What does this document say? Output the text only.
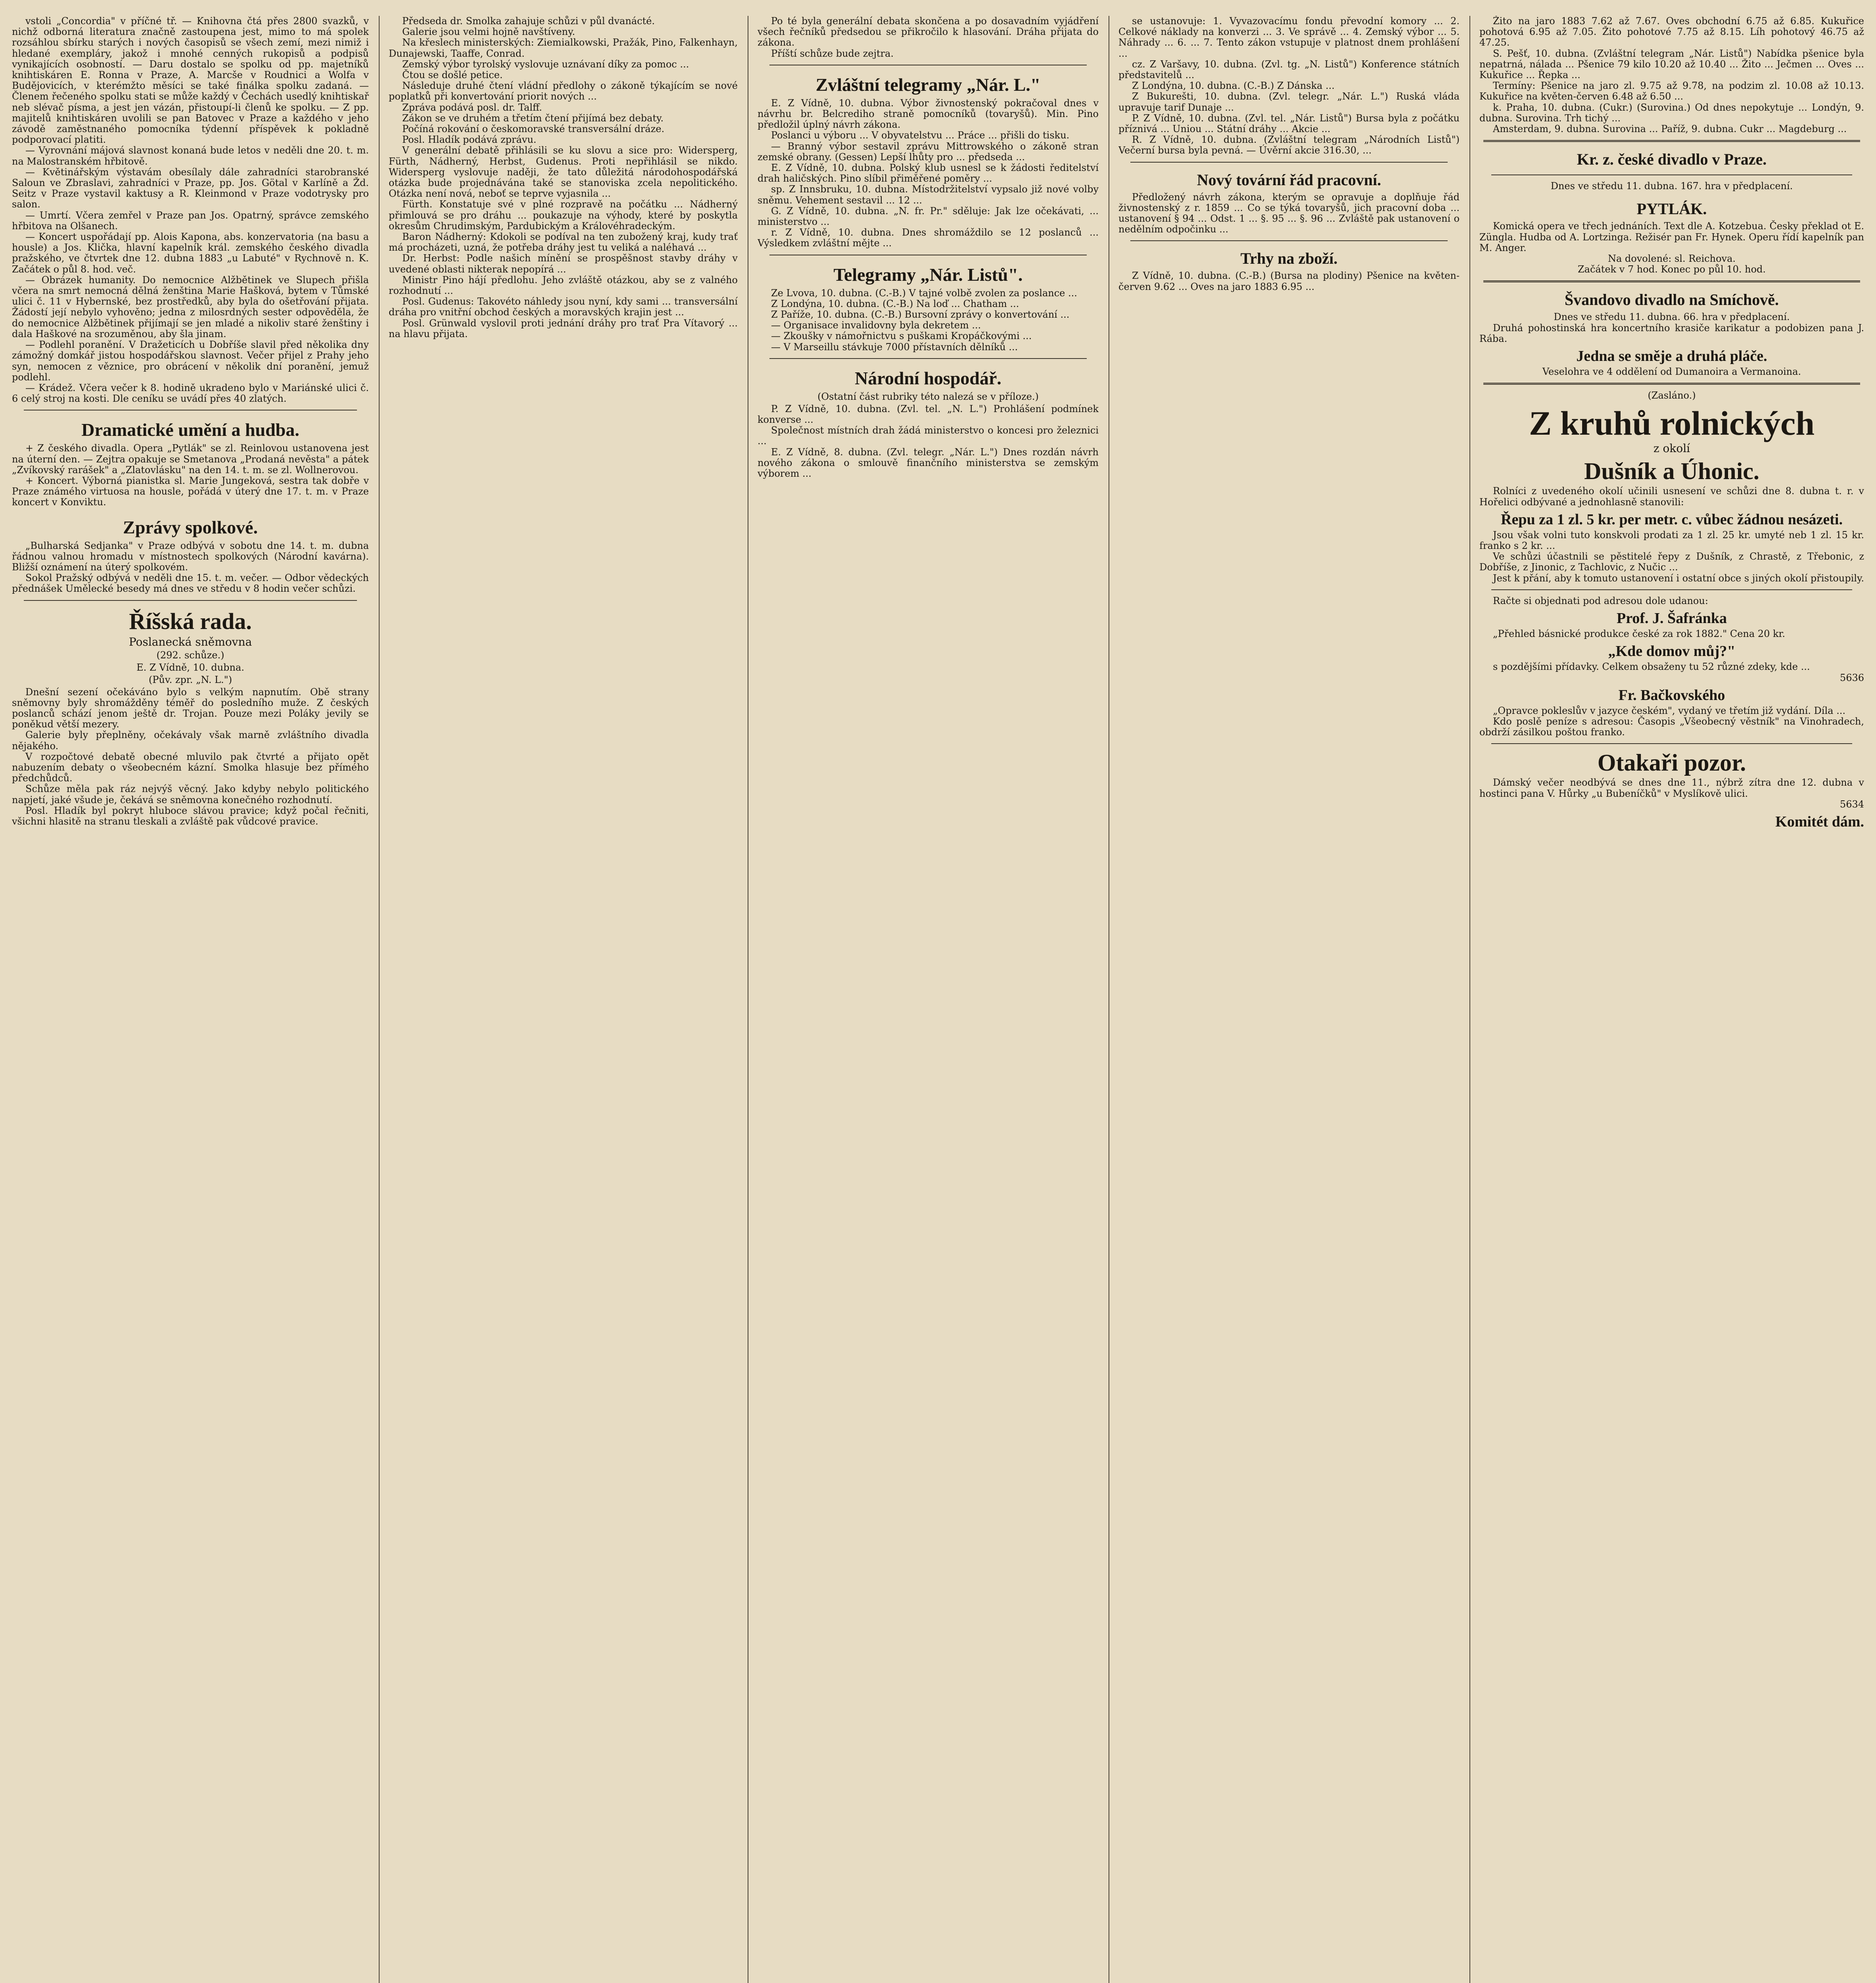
vstoli „Concordia" v příčné tř. — Knihovna čtá přes 2800 svazků, v nichž odborná literatura značně zastoupena jest, mimo to má spolek rozsáhlou sbírku starých i nových časopisů se všech zemí, mezi nimiž i hledané exempláry, jakož i mnohé cenných rukopisů a podpisů vynikajících osobností. — Daru dostalo se spolku od pp. majetníků knihtiskáren E. Ronna v Praze, A. Marcše v Roudnici a Wolfa v Budějovicích, v kterémžto měsíci se také finálka spolku zadaná. — Členem řečeného spolku stati se může každý v Čechách usedlý knihtiskař neb slévač písma, a jest jen vázán, přistoupí-li členů ke spolku. — Z pp. majitelů knihtiskáren uvolili se pan Batovec v Praze a každého v jeho závodě zaměstnaného pomocníka týdenní příspěvek k pokladně podporovací platiti.

— Vyrovnání májová slavnost konaná bude letos v neděli dne 20. t. m. na Malostranském hřbitově.

— Květinářským výstavám obesílaly dále zahradníci starobranské Saloun ve Zbraslavi, zahradníci v Praze, pp. Jos. Götal v Karlíně a Žd. Seitz v Praze vystavil kaktusy a R. Kleinmond v Praze vodotrysky pro salon.

— Umrtí. Včera zemřel v Praze pan Jos. Opatrný, správce zemského hřbitova na Olšanech.

— Koncert uspořádají pp. Alois Kapona, abs. konzervatoria (na basu a housle) a Jos. Klička, hlavní kapelník král. zemského českého divadla pražského, ve čtvrtek dne 12. dubna 1883 „u Labuté" v Rychnově n. K. Začátek o půl 8. hod. več.

— Obrázek humanity. Do nemocnice Alžbětinek ve Slupech přišla včera na smrt nemocná dělná ženština Marie Hašková, bytem v Tůmské ulici č. 11 v Hybernské, bez prostředků, aby byla do ošetřování přijata. Žádostí její nebylo vyhověno; jedna z milosrdných sester odpověděla, že do nemocnice Alžbětinek přijímají se jen mladé a nikoliv staré ženštiny i dala Haškové na srozuměnou, aby šla jinam.

— Podlehl poranění. V Dražeticích u Dobříše slavil před několika dny zámožný domkář jistou hospodářskou slavnost. Večer přijel z Prahy jeho syn, nemocen z věznice, pro obrácení v několik dní poranění, jemuž podlehl.

— Krádež. Včera večer k 8. hodině ukradeno bylo v Mariánské ulici č. 6 celý stroj na kosti. Dle ceníku se uvádí přes 40 zlatých.

Dramatické umění a hudba.

+ Z českého divadla. Opera „Pytlák" se zl. Reinlovou ustanovena jest na úterní den. — Zejtra opakuje se Smetanova „Prodaná nevěsta" a pátek „Zvíkovský rarášek" a „Zlatovlásku" na den 14. t. m. se zl. Wollnerovou.

+ Koncert. Výborná pianistka sl. Marie Jungeková, sestra tak dobře v Praze známého virtuosa na housle, pořádá v úterý dne 17. t. m. v Praze koncert v Konviktu.

Zprávy spolkové.

„Bulharská Sedjanka" v Praze odbývá v sobotu dne 14. t. m. dubna řádnou valnou hromadu v místnostech spolkových (Národní kavárna). Bližší oznámení na úterý spolkovém.

Sokol Pražský odbývá v neděli dne 15. t. m. večer. — Odbor vědeckých přednášek Umělecké besedy má dnes ve středu v 8 hodin večer schůzi.

Říšská rada.
Poslanecká sněmovna
(292. schůze.)
E. Z Vídně, 10. dubna.
(Pův. zpr. „N. L.")

Dnešní sezení očekáváno bylo s velkým napnutím. Obě strany sněmovny byly shromážděny téměř do posledního muže. Z českých poslanců schází jenom ještě dr. Trojan. Pouze mezi Poláky jevily se poněkud větší mezery.

Galerie byly přeplněny, očekávaly však marně zvláštního divadla nějakého.

V rozpočtové debatě obecné mluvilo pak čtvrté a přijato opět nabuzením debaty o všeobecném kázní. Smolka hlasuje bez přímého předchůdců.

Schůze měla pak ráz nejvýš věcný. Jako kdyby nebylo politického napjetí, jaké všude je, čekává se sněmovna konečného rozhodnutí.

Posl. Hladík byl pokryt hluboce slávou pravice; když počal řečniti, všichni hlasitě na stranu tleskali a zvláště pak vůdcové pravice.

Předseda dr. Smolka zahajuje schůzi v půl dvanácté.

Galerie jsou velmi hojně navštíveny.

Na křeslech ministerských: Ziemialkowski, Pražák, Pino, Falkenhayn, Dunajewski, Taaffe, Conrad.

Zemský výbor tyrolský vyslovuje uznávaní díky za pomoc ...

Čtou se došlé petice.

Následuje druhé čtení vládní předlohy o zákoně týkajícím se nové poplatků při konvertování priorit nových ...

Zpráva podává posl. dr. Talff.

Zákon se ve druhém a třetím čtení přijímá bez debaty.

Počíná rokování o českomoravské transversální dráze.

Posl. Hladík podává zprávu.

V generální debatě přihlásili se ku slovu a sice pro: Widersperg, Fürth, Nádherný, Herbst, Gudenus. Proti nepřihlásil se nikdo. Widersperg vyslovuje naději, že tato důležitá národohospodářská otázka bude projednávána také se stanoviska zcela nepolitického. Otázka není nová, neboť se teprve vyjasnila ...

Fürth. Konstatuje své v plné rozpravě na počátku ... Nádherný přimlouvá se pro dráhu ... poukazuje na výhody, které by poskytla okresům Chrudimským, Pardubickým a Královéhradeckým.

Baron Nádherný: Kdokoli se podíval na ten zubožený kraj, kudy trať má procházeti, uzná, že potřeba dráhy jest tu veliká a naléhavá ...

Dr. Herbst: Podle našich mínění se prospěšnost stavby dráhy v uvedené oblasti nikterak nepopírá ...

Ministr Pino hájí předlohu. Jeho zvláště otázkou, aby se z valného rozhodnutí ...

Posl. Gudenus: Takovéto náhledy jsou nyní, kdy sami ... transversální dráha pro vnitřní obchod českých a moravských krajin jest ...

Posl. Grünwald vyslovil proti jednání dráhy pro trať Pra Vítavorý ... na hlavu přijata.

Po té byla generální debata skončena a po dosavadním vyjádření všech řečníků předsedou se přikročilo k hlasování. Dráha přijata do zákona.

Příští schůze bude zejtra.

Zvláštní telegramy „Nár. L."

E. Z Vídně, 10. dubna. Výbor živnostenský pokračoval dnes v návrhu br. Belcrediho straně pomocníků (tovaryšů). Min. Pino předložil úplný návrh zákona.

Poslanci u výboru ... V obyvatelstvu ... Práce ... přišli do tisku.

— Branný výbor sestavil zprávu Mittrowského o zákoně stran zemské obrany. (Gessen) Lepší lhůty pro ... předseda ...

E. Z Vídně, 10. dubna. Polský klub usnesl se k žádosti ředitelství drah haličských. Pino slíbil přiměřené poměry ...

sp. Z Innsbruku, 10. dubna. Místodržitelství vypsalo již nové volby sněmu. Vehement sestavil ... 12 ...

G. Z Vídně, 10. dubna. „N. fr. Pr." sděluje: Jak lze očekávati, ... ministerstvo ...

r. Z Vídně, 10. dubna. Dnes shromáždilo se 12 poslanců ... Výsledkem zvláštní mějte ...

Telegramy „Nár. Listů".

Ze Lvova, 10. dubna. (C.-B.) V tajné volbě zvolen za poslance ...

Z Londýna, 10. dubna. (C.-B.) Na loď ... Chatham ...

Z Paříže, 10. dubna. (C.-B.) Bursovní zprávy o konvertování ...

— Organisace invalidovny byla dekretem ...

— Zkoušky v námořnictvu s puškami Kropáčkovými ...

— V Marseillu stávkuje 7000 přístavních dělníků ...

Národní hospodář.
(Ostatní část rubriky této nalezá se v příloze.)

P. Z Vídně, 10. dubna. (Zvl. tel. „N. L.") Prohlášení podmínek konverse ...

Společnost místních drah žádá ministerstvo o koncesi pro železnici ...

E. Z Vídně, 8. dubna. (Zvl. telegr. „Nár. L.") Dnes rozdán návrh nového zákona o smlouvě finančního ministerstva se zemským výborem ...

se ustanovuje: 1. Vyvazovacímu fondu převodní komory ... 2. Celkové náklady na konverzi ... 3. Ve správě ... 4. Zemský výbor ... 5. Náhrady ... 6. ... 7. Tento zákon vstupuje v platnost dnem prohlášení ...

cz. Z Varšavy, 10. dubna. (Zvl. tg. „N. Listů") Konference státních představitelů ...

Z Londýna, 10. dubna. (C.-B.) Z Dánska ...

Z Bukurešti, 10. dubna. (Zvl. telegr. „Nár. L.") Ruská vláda upravuje tarif Dunaje ...

P. Z Vídně, 10. dubna. (Zvl. tel. „Nár. Listů") Bursa byla z počátku příznivá ... Uniou ... Státní dráhy ... Akcie ...

R. Z Vídně, 10. dubna. (Zvláštní telegram „Národních Listů") Večerní bursa byla pevná. — Úvěrní akcie 316.30, ...

Nový tovární řád pracovní.

Předložený návrh zákona, kterým se opravuje a doplňuje řád živnostenský z r. 1859 ... Co se týká tovaryšů, jich pracovní doba ... ustanovení § 94 ... Odst. 1 ... §. 95 ... §. 96 ... Zvláště pak ustanovení o nedělním odpočinku ...

Trhy na zboží.

Z Vídně, 10. dubna. (C.-B.) (Bursa na plodiny) Pšenice na květen-červen 9.62 ... Oves na jaro 1883 6.95 ...

Žito na jaro 1883 7.62 až 7.67. Oves obchodní 6.75 až 6.85. Kukuřice pohotová 6.95 až 7.05. Žito pohotové 7.75 až 8.15. Líh pohotový 46.75 až 47.25.

S. Pešť, 10. dubna. (Zvláštní telegram „Nár. Listů") Nabídka pšenice byla nepatrná, nálada ... Pšenice 79 kilo 10.20 až 10.40 ... Žito ... Ječmen ... Oves ... Kukuřice ... Řepka ...

Termíny: Pšenice na jaro zl. 9.75 až 9.78, na podzim zl. 10.08 až 10.13. Kukuřice na květen-červen 6.48 až 6.50 ...

k. Praha, 10. dubna. (Cukr.) (Surovina.) Od dnes nepokytuje ... Londýn, 9. dubna. Surovina. Trh tichý ...

Amsterdam, 9. dubna. Surovina ... Paříž, 9. dubna. Cukr ... Magdeburg ...

Kr. z. české divadlo v Praze.

Dnes ve středu 11. dubna. 167. hra v předplacení.

PYTLÁK.

Komická opera ve třech jednáních. Text dle A. Kotzebua. Česky překlad ot E. Züngla. Hudba od A. Lortzinga. Režisér pan Fr. Hynek. Operu řídí kapelník pan M. Anger.

Na dovolené: sl. Reichova.

Začátek v 7 hod. Konec po půl 10. hod.

Švandovo divadlo na Smíchově.

Dnes ve středu 11. dubna. 66. hra v předplacení.

Druhá pohostinská hra koncertního krasiče karikatur a podobizen pana J. Rába.

Jedna se směje a druhá pláče.

Veselohra ve 4 oddělení od Dumanoira a Vermanoina.

(Zasláno.)

Z kruhů rolnických
z okolí
Dušník a Úhonic.

Rolníci z uvedeného okolí učinili usnesení ve schůzi dne 8. dubna t. r. v Hořelici odbývané a jednohlasně stanovili:

Řepu za 1 zl. 5 kr. per metr. c. vůbec žádnou nesázeti.

Jsou však volni tuto konskvoli prodati za 1 zl. 25 kr. umyté neb 1 zl. 15 kr. franko s 2 kr. ...

Ve schůzi účastnili se pěstitelé řepy z Dušník, z Chrastě, z Třebonic, z Dobříše, z Jinonic, z Tachlovic, z Nučic ...

Jest k přání, aby k tomuto ustanovení i ostatní obce s jiných okolí přistoupily.

Račte si objednati pod adresou dole udanou:

Prof. J. Šafránka

„Přehled básnické produkce české za rok 1882." Cena 20 kr.

„Kde domov můj?"

s pozdějšími přídavky. Celkem obsaženy tu 52 různé zdeky, kde ...

5636

Fr. Bačkovského

„Opravce pokleslův v jazyce českém", vydaný ve třetím již vydání. Díla ...

Kdo poslě peníze s adresou: Časopis „Všeobecný věstník" na Vinohradech, obdrží zásilkou poštou franko.

Otakaři pozor.

Dámský večer neodbývá se dnes dne 11., nýbrž zítra dne 12. dubna v hostinci pana V. Hůrky „u Bubeníčků" v Myslíkově ulici.

5634

Komitét dám.
